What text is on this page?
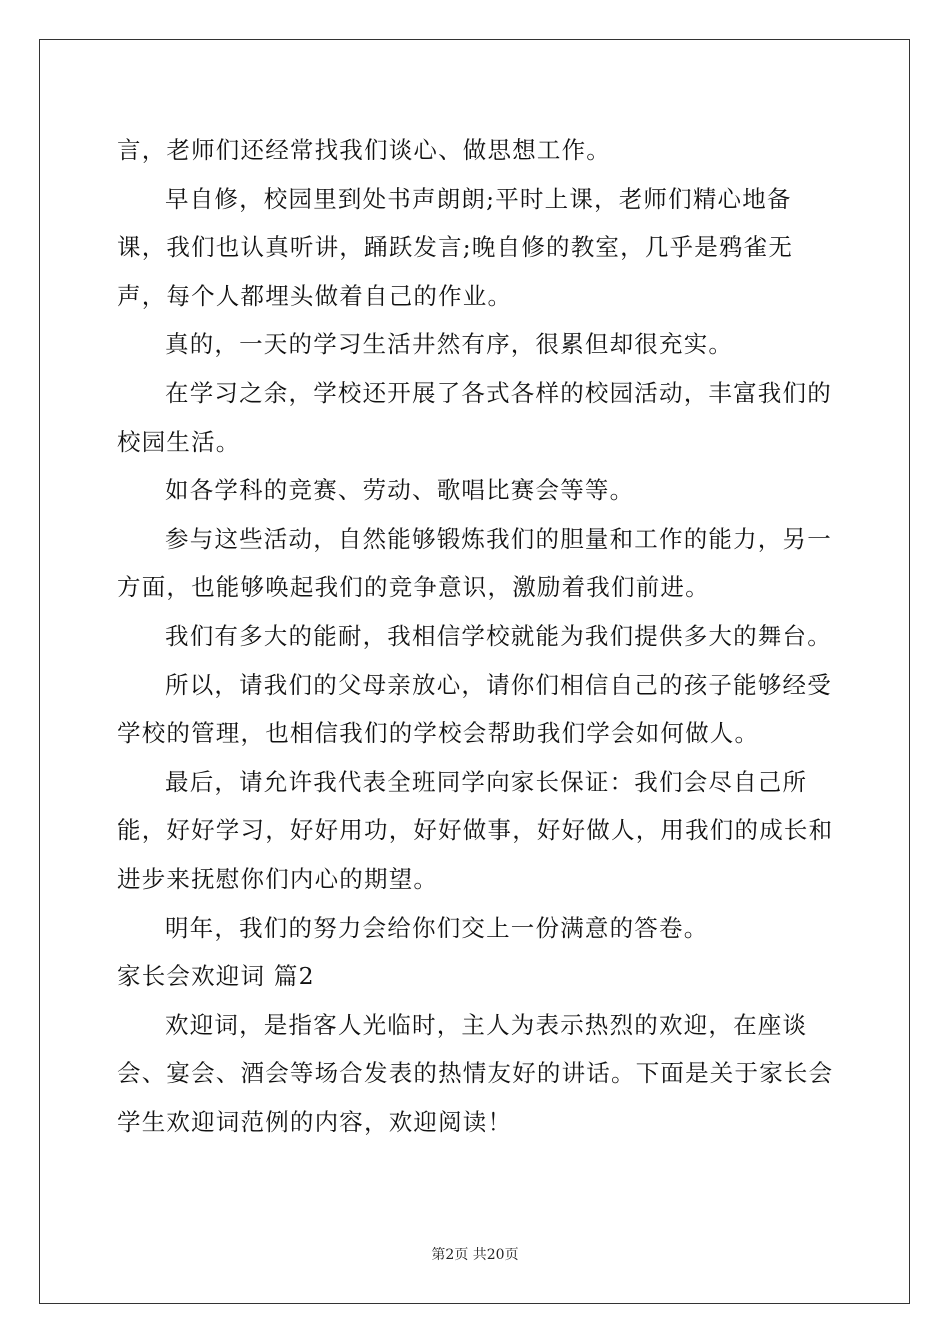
言，老师们还经常找我们谈心、做思想工作。

早自修，校园里到处书声朗朗;平时上课，老师们精心地备课，我们也认真听讲，踊跃发言;晚自修的教室，几乎是鸦雀无声，每个人都埋头做着自己的作业。

真的，一天的学习生活井然有序，很累但却很充实。

在学习之余，学校还开展了各式各样的校园活动，丰富我们的校园生活。

如各学科的竞赛、劳动、歌唱比赛会等等。

参与这些活动，自然能够锻炼我们的胆量和工作的能力，另一方面，也能够唤起我们的竞争意识，激励着我们前进。

我们有多大的能耐，我相信学校就能为我们提供多大的舞台。

所以，请我们的父母亲放心，请你们相信自己的孩子能够经受学校的管理，也相信我们的学校会帮助我们学会如何做人。

最后，请允许我代表全班同学向家长保证：我们会尽自己所能，好好学习，好好用功，好好做事，好好做人，用我们的成长和进步来抚慰你们内心的期望。

明年，我们的努力会给你们交上一份满意的答卷。

家长会欢迎词 篇2

欢迎词，是指客人光临时，主人为表示热烈的欢迎，在座谈会、宴会、酒会等场合发表的热情友好的讲话。下面是关于家长会学生欢迎词范例的内容，欢迎阅读！

第2页 共20页
